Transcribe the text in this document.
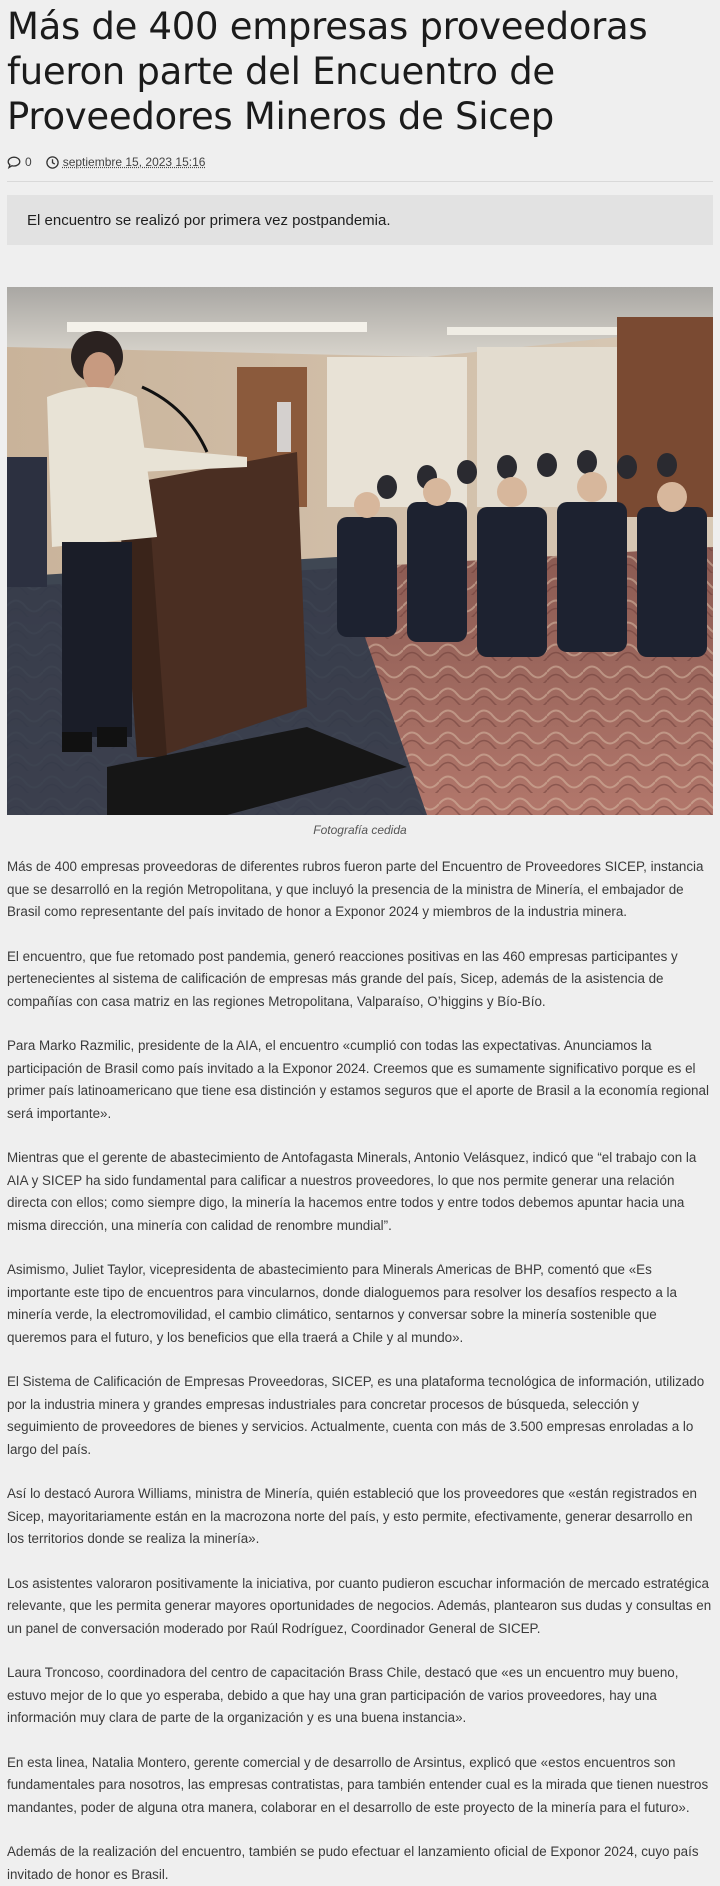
Más de 400 empresas proveedoras fueron parte del Encuentro de Proveedores Mineros de Sicep
0	septiembre 15, 2023 15:16
El encuentro se realizó por primera vez postpandemia.
Fotografía cedida

Más de 400 empresas proveedoras de diferentes rubros fueron parte del Encuentro de Proveedores SICEP, instancia que se desarrolló en la región Metropolitana, y que incluyó la presencia de la ministra de Minería, el embajador de Brasil como representante del país invitado de honor a Exponor 2024 y miembros de la industria minera.

El encuentro, que fue retomado post pandemia, generó reacciones positivas en las 460 empresas participantes y pertenecientes al sistema de calificación de empresas más grande del país, Sicep, además de la asistencia de compañías con casa matriz en las regiones Metropolitana, Valparaíso, O’higgins y Bío-Bío.

Para Marko Razmilic, presidente de la AIA, el encuentro «cumplió con todas las expectativas. Anunciamos la participación de Brasil como país invitado a la Exponor 2024. Creemos que es sumamente significativo porque es el primer país latinoamericano que tiene esa distinción y estamos seguros que el aporte de Brasil a la economía regional será importante».

Mientras que el gerente de abastecimiento de Antofagasta Minerals, Antonio Velásquez, indicó que “el trabajo con la AIA y SICEP ha sido fundamental para calificar a nuestros proveedores, lo que nos permite generar una relación directa con ellos; como siempre digo, la minería la hacemos entre todos y entre todos debemos apuntar hacia una misma dirección, una minería con calidad de renombre mundial”.

Asimismo, Juliet Taylor, vicepresidenta de abastecimiento para Minerals Americas de BHP, comentó que «Es importante este tipo de encuentros para vincularnos, donde dialoguemos para resolver los desafíos respecto a la minería verde, la electromovilidad, el cambio climático, sentarnos y conversar sobre la minería sostenible que queremos para el futuro, y los beneficios que ella traerá a Chile y al mundo».

El Sistema de Calificación de Empresas Proveedoras, SICEP, es una plataforma tecnológica de información, utilizado por la industria minera y grandes empresas industriales para concretar procesos de búsqueda, selección y seguimiento de proveedores de bienes y servicios. Actualmente, cuenta con más de 3.500 empresas enroladas a lo largo del país.

Así lo destacó Aurora Williams, ministra de Minería, quién estableció que los proveedores que «están registrados en Sicep, mayoritariamente están en la macrozona norte del país, y esto permite, efectivamente, generar desarrollo en los territorios donde se realiza la minería».

Los asistentes valoraron positivamente la iniciativa, por cuanto pudieron escuchar información de mercado estratégica relevante, que les permita generar mayores oportunidades de negocios. Además, plantearon sus dudas y consultas en un panel de conversación moderado por Raúl Rodríguez, Coordinador General de SICEP.

Laura Troncoso, coordinadora del centro de capacitación Brass Chile, destacó que «es un encuentro muy bueno, estuvo mejor de lo que yo esperaba, debido a que hay una gran participación de varios proveedores, hay una información muy clara de parte de la organización y es una buena instancia».

En esta linea, Natalia Montero, gerente comercial y de desarrollo de Arsintus, explicó que «estos encuentros son fundamentales para nosotros, las empresas contratistas, para también entender cual es la mirada que tienen nuestros mandantes, poder de alguna otra manera, colaborar en el desarrollo de este proyecto de la minería para el futuro».

Además de la realización del encuentro, también se pudo efectuar el lanzamiento oficial de Exponor 2024, cuyo país invitado de honor es Brasil.
